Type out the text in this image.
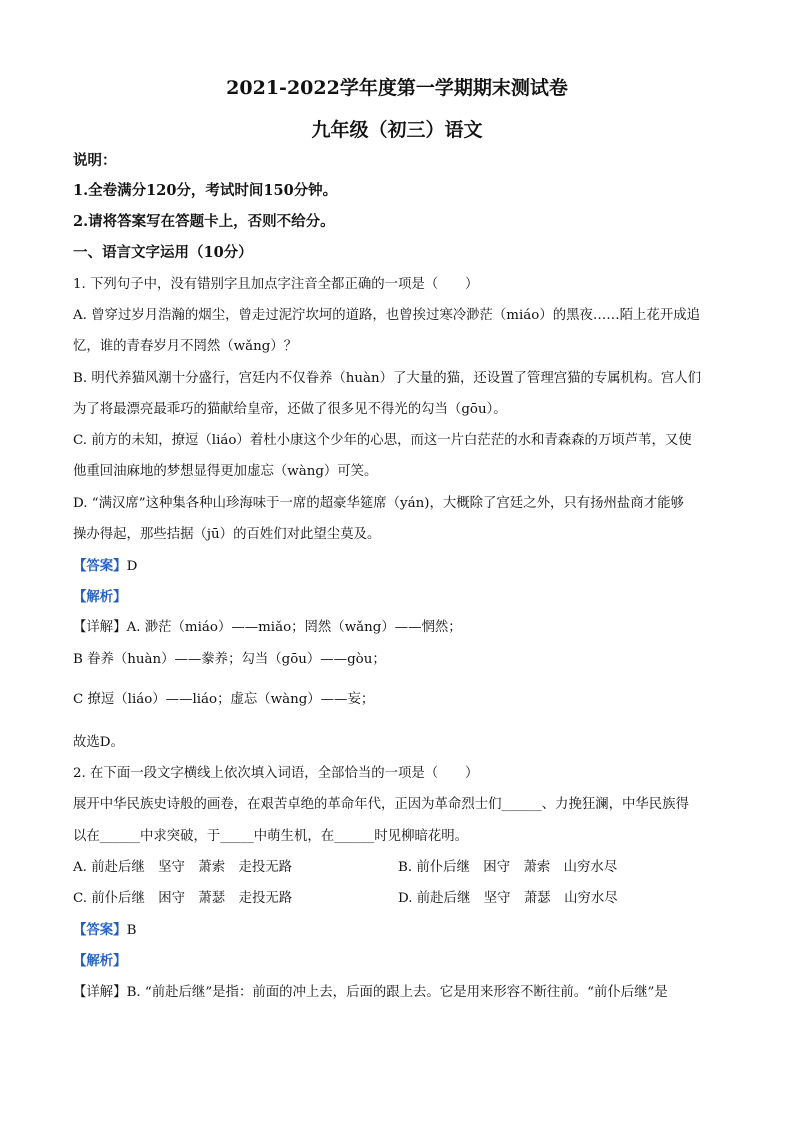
2021-2022学年度第一学期期末测试卷
九年级（初三）语文
说明：
1.全卷满分120分，考试时间150分钟。
2.请将答案写在答题卡上，否则不给分。
一、语言文字运用（10分）
1. 下列句子中，没有错别字且加点字注音全都正确的一项是（　　）
A. 曾穿过岁月浩瀚的烟尘，曾走过泥泞坎坷的道路，也曾挨过寒冷渺茫（miáo）的黑夜……陌上花开成追
忆，谁的青春岁月不罔然（wǎng）？
B. 明代养猫风潮十分盛行，宫廷内不仅眷养（huàn）了大量的猫，还设置了管理宫猫的专属机构。宫人们
为了将最漂亮最乖巧的猫献给皇帝，还做了很多见不得光的勾当（gōu）。
C. 前方的未知，撩逗（liáo）着杜小康这个少年的心思，而这一片白茫茫的水和青森森的万顷芦苇，又使
他重回油麻地的梦想显得更加虚忘（wàng）可笑。
D. “满汉席”这种集各种山珍海味于一席的超豪华筵席（yán)，大概除了宫廷之外，只有扬州盐商才能够
操办得起，那些拮据（jū）的百姓们对此望尘莫及。
【答案】D
【解析】
【详解】A. 渺茫（miáo）——miǎo；罔然（wǎng）——惘然；
B 眷养（huàn）——豢养；勾当（gōu）——gòu；
C 撩逗（liáo）——liáo；虚忘（wàng）——妄；
故选D。
2. 在下面一段文字横线上依次填入词语，全部恰当的一项是（　　）
展开中华民族史诗般的画卷，在艰苦卓绝的革命年代，正因为革命烈士们______、力挽狂澜，中华民族得
以在______中求突破，于_____中萌生机，在______时见柳暗花明。
A. 前赴后继　坚守　萧索　走投无路	B. 前仆后继　困守　萧索　山穷水尽
C. 前仆后继　困守　萧瑟　走投无路	D. 前赴后继　坚守　萧瑟　山穷水尽
【答案】B
【解析】
【详解】B. “前赴后继”是指：前面的冲上去，后面的跟上去。它是用来形容不断往前。“前仆后继”是
